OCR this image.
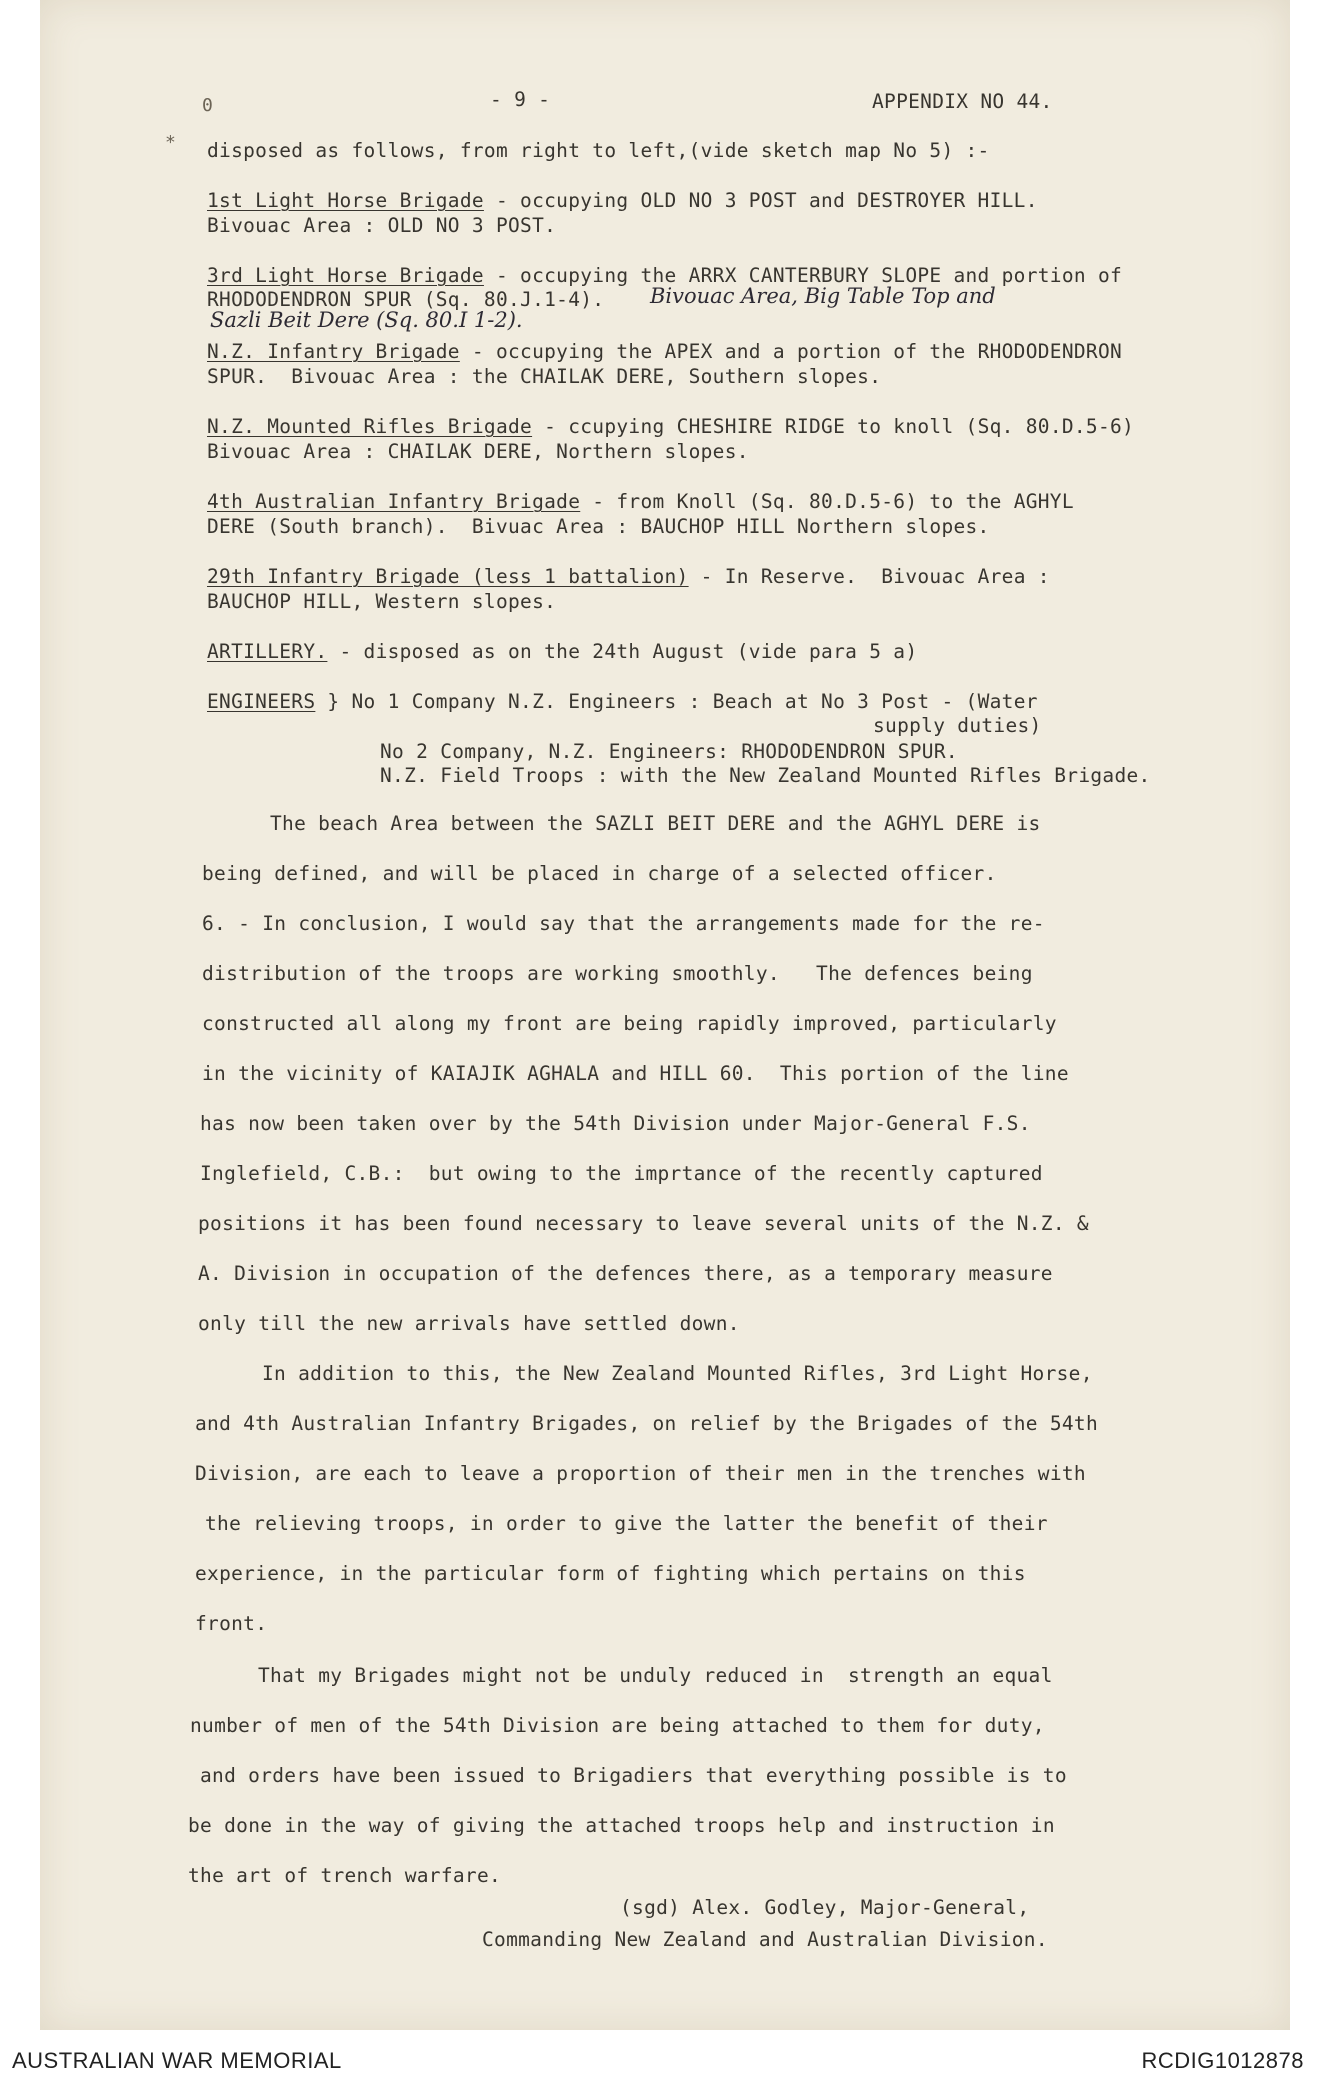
0	- 9 -	APPENDIX NO 44.
* disposed as follows, from right to left,(vide sketch map No 5) :-
1st Light Horse Brigade - occupying OLD NO 3 POST and DESTROYER HILL.
Bivouac Area : OLD NO 3 POST.
3rd Light Horse Brigade - occupying the ARRX CANTERBURY SLOPE and portion of
RHODODENDRON SPUR (Sq. 80.J.1-4). Bivouac Area, Big Table Top and
Sazli Beit Dere (Sq. 80.I 1-2).
N.Z. Infantry Brigade - occupying the APEX and a portion of the RHODODENDRON
SPUR.  Bivouac Area : the CHAILAK DERE, Southern slopes.
N.Z. Mounted Rifles Brigade - ccupying CHESHIRE RIDGE to knoll (Sq. 80.D.5-6)
Bivouac Area : CHAILAK DERE, Northern slopes.
4th Australian Infantry Brigade - from Knoll (Sq. 80.D.5-6) to the AGHYL
DERE (South branch).  Bivuac Area : BAUCHOP HILL Northern slopes.
29th Infantry Brigade (less 1 battalion) - In Reserve.  Bivouac Area :
BAUCHOP HILL, Western slopes.
ARTILLERY. - disposed as on the 24th August (vide para 5 a)
ENGINEERS } No 1 Company N.Z. Engineers : Beach at No 3 Post - (Water
supply duties)
No 2 Company, N.Z. Engineers: RHODODENDRON SPUR.
N.Z. Field Troops : with the New Zealand Mounted Rifles Brigade.
The beach Area between the SAZLI BEIT DERE and the AGHYL DERE is
being defined, and will be placed in charge of a selected officer.
6. - In conclusion, I would say that the arrangements made for the re-
distribution of the troops are working smoothly.   The defences being
constructed all along my front are being rapidly improved, particularly
in the vicinity of KAIAJIK AGHALA and HILL 60.  This portion of the line
has now been taken over by the 54th Division under Major-General F.S.
Inglefield, C.B.:  but owing to the imprtance of the recently captured
positions it has been found necessary to leave several units of the N.Z. &
A. Division in occupation of the defences there, as a temporary measure
only till the new arrivals have settled down.
In addition to this, the New Zealand Mounted Rifles, 3rd Light Horse,
and 4th Australian Infantry Brigades, on relief by the Brigades of the 54th
Division, are each to leave a proportion of their men in the trenches with
the relieving troops, in order to give the latter the benefit of their
experience, in the particular form of fighting which pertains on this
front.
That my Brigades might not be unduly reduced in  strength an equal
number of men of the 54th Division are being attached to them for duty,
and orders have been issued to Brigadiers that everything possible is to
be done in the way of giving the attached troops help and instruction in
the art of trench warfare.
(sgd) Alex. Godley, Major-General,
Commanding New Zealand and Australian Division.
AUSTRALIAN WAR MEMORIAL	RCDIG1012878
